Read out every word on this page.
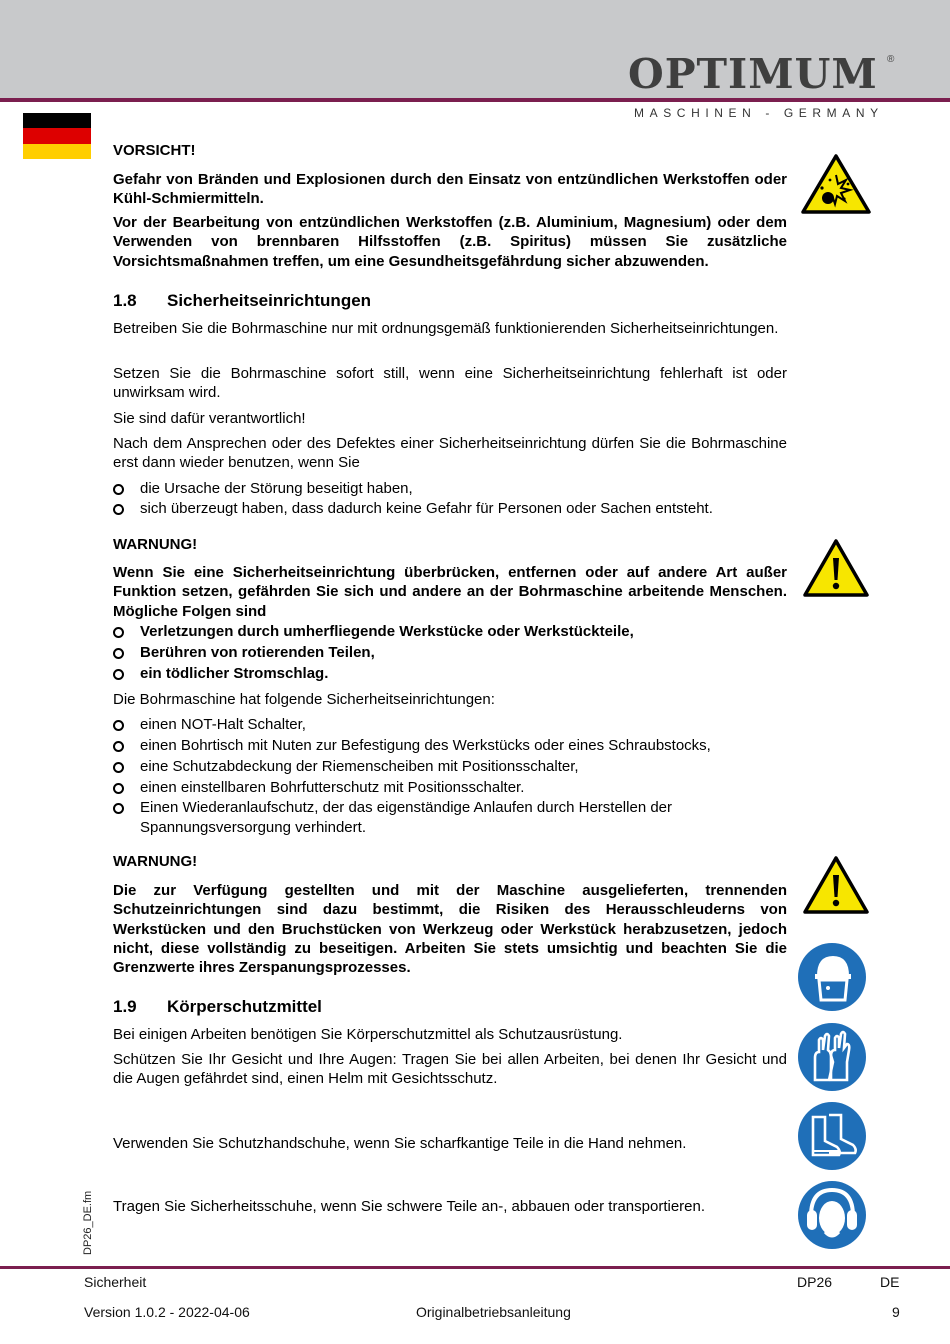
OPTIMUM ®
MASCHINEN - GERMANY
DP26_DE.fm
VORSICHT!
Gefahr von Bränden und Explosionen durch den Einsatz von entzündlichen Werkstoffen oder Kühl-Schmiermitteln.
Vor der Bearbeitung von entzündlichen Werkstoffen (z.B. Aluminium, Magnesium) oder dem Verwenden von brennbaren Hilfsstoffen (z.B. Spiritus) müssen Sie zusätzliche Vorsichtsmaßnahmen treffen, um eine Gesundheitsgefährdung sicher abzuwenden.
1.8 Sicherheitseinrichtungen
Betreiben Sie die Bohrmaschine nur mit ordnungsgemäß funktionierenden Sicherheitseinrichtungen.
Setzen Sie die Bohrmaschine sofort still, wenn eine Sicherheitseinrichtung fehlerhaft ist oder unwirksam wird.
Sie sind dafür verantwortlich!
Nach dem Ansprechen oder des Defektes einer Sicherheitseinrichtung dürfen Sie die Bohrmaschine erst dann wieder benutzen, wenn Sie
die Ursache der Störung beseitigt haben,
sich überzeugt haben, dass dadurch keine Gefahr für Personen oder Sachen entsteht.
WARNUNG!
Wenn Sie eine Sicherheitseinrichtung überbrücken, entfernen oder auf andere Art außer Funktion setzen, gefährden Sie sich und andere an der Bohrmaschine arbeitende Menschen. Mögliche Folgen sind
Verletzungen durch umherfliegende Werkstücke oder Werkstückteile,
Berühren von rotierenden Teilen,
ein tödlicher Stromschlag.
Die Bohrmaschine hat folgende Sicherheitseinrichtungen:
einen NOT-Halt Schalter,
einen Bohrtisch mit Nuten zur Befestigung des Werkstücks oder eines Schraubstocks,
eine Schutzabdeckung der Riemenscheiben mit Positionsschalter,
einen einstellbaren Bohrfutterschutz mit Positionsschalter.
Einen Wiederanlaufschutz, der das eigenständige Anlaufen durch Herstellen der Spannungsversorgung verhindert.
WARNUNG!
Die zur Verfügung gestellten und mit der Maschine ausgelieferten, trennenden Schutzeinrichtungen sind dazu bestimmt, die Risiken des Herausschleuderns von Werkstücken und den Bruchstücken von Werkzeug oder Werkstück herabzusetzen, jedoch nicht, diese vollständig zu beseitigen. Arbeiten Sie stets umsichtig und beachten Sie die Grenzwerte ihres Zerspanungsprozesses.
1.9 Körperschutzmittel
Bei einigen Arbeiten benötigen Sie Körperschutzmittel als Schutzausrüstung.
Schützen Sie Ihr Gesicht und Ihre Augen: Tragen Sie bei allen Arbeiten, bei denen Ihr Gesicht und die Augen gefährdet sind, einen Helm mit Gesichtsschutz.
Verwenden Sie Schutzhandschuhe, wenn Sie scharfkantige Teile in die Hand nehmen.
Tragen Sie Sicherheitsschuhe, wenn Sie schwere Teile an-, abbauen oder transportieren.
Sicherheit	DP26	DE
Version 1.0.2 - 2022-04-06	Originalbetriebsanleitung	9
